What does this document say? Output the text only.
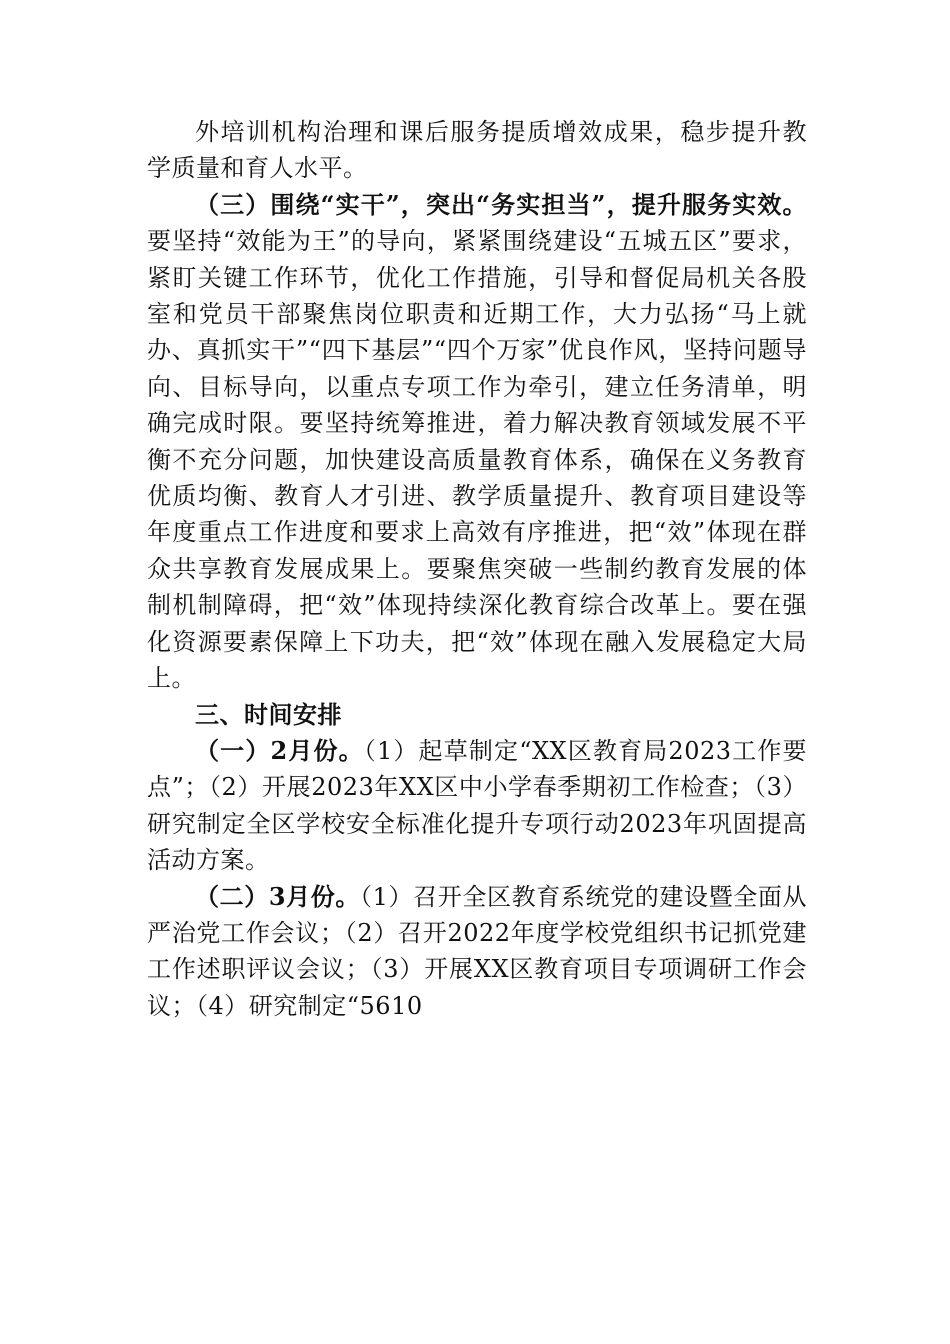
外培训机构治理和课后服务提质增效成果，稳步提升教学质量和育人水平。

（三）围绕“实干”，突出“务实担当”，提升服务实效。要坚持“效能为王”的导向，紧紧围绕建设“五城五区”要求，紧盯关键工作环节，优化工作措施，引导和督促局机关各股室和党员干部聚焦岗位职责和近期工作，大力弘扬“马上就办、真抓实干”“四下基层”“四个万家”优良作风，坚持问题导向、目标导向，以重点专项工作为牵引，建立任务清单，明确完成时限。要坚持统筹推进，着力解决教育领域发展不平衡不充分问题，加快建设高质量教育体系，确保在义务教育优质均衡、教育人才引进、教学质量提升、教育项目建设等年度重点工作进度和要求上高效有序推进，把“效”体现在群众共享教育发展成果上。要聚焦突破一些制约教育发展的体制机制障碍，把“效”体现持续深化教育综合改革上。要在强化资源要素保障上下功夫，把“效”体现在融入发展稳定大局上。

三、时间安排

（一）2月份。（1）起草制定“XX区教育局2023工作要点”；（2）开展2023年XX区中小学春季期初工作检查；（3）研究制定全区学校安全标准化提升专项行动2023年巩固提高活动方案。

（二）3月份。（1）召开全区教育系统党的建设暨全面从严治党工作会议；（2）召开2022年度学校党组织书记抓党建工作述职评议会议；（3）开展XX区教育项目专项调研工作会议；（4）研究制定“5610
